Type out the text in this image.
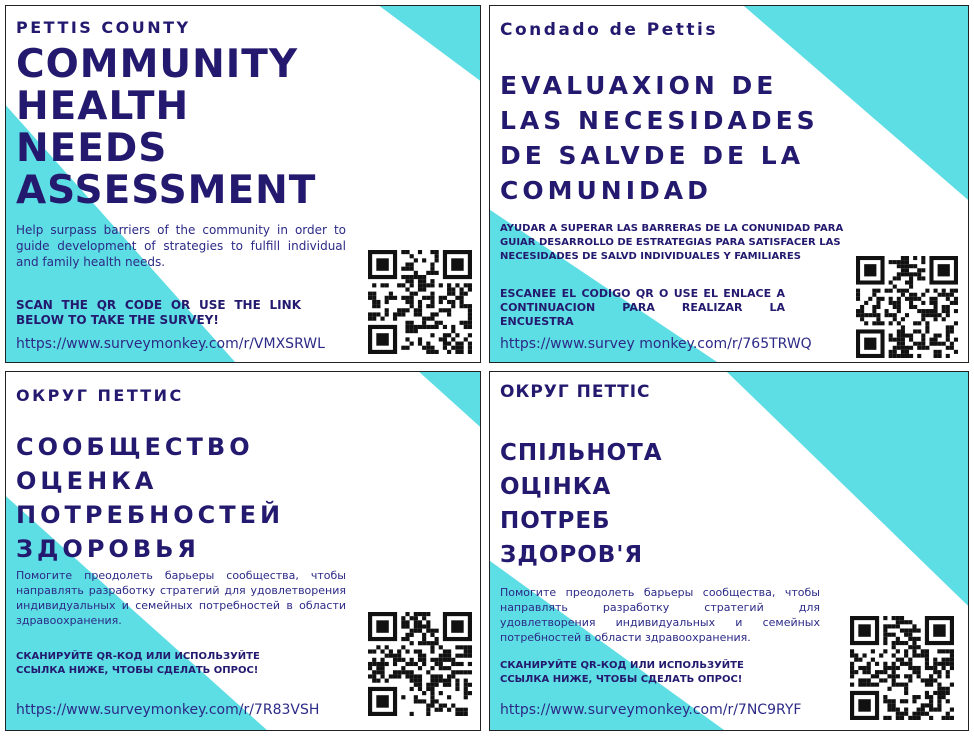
PETTIS COUNTY

COMMUNITY
HEALTH
NEEDS
ASSESSMENT

Help surpass barriers of the community in order to guide development of strategies to fulfill individual and family health needs.

SCAN THE QR CODE OR USE THE LINK BELOW TO TAKE THE SURVEY!

https://www.surveymonkey.com/r/VMXSRWL

Condado de Pettis

EVALUAXION DE
LAS NECESIDADES
DE SALVDE DE LA
COMUNIDAD

AYUDAR A SUPERAR LAS BARRERAS DE LA CONUNIDAD PARA GUIAR DESARROLLO DE ESTRATEGIAS PARA SATISFACER LAS NECESIDADES DE SALVD INDIVIDUALES Y FAMILIARES

ESCANEE EL CODIGO QR O USE EL ENLACE A CONTINUACION PARA REALIZAR LA ENCUESTRA

https://www.survey monkey.com/r/765TRWQ

ОКРУГ ПЕТТИС

СООБЩЕСТВО
ОЦЕНКА
ПОТРЕБНОСТЕЙ
ЗДОРОВЬЯ

Помогите преодолеть барьеры сообщества, чтобы направлять разработку стратегий для удовлетворения индивидуальных и семейных потребностей в области здравоохранения.

СКАНИРУЙТЕ QR-КОД ИЛИ ИСПОЛЬЗУЙТЕ ССЫЛКА НИЖЕ, ЧТОБЫ СДЕЛАТЬ ОПРОС!

https://www.surveymonkey.com/r/7R83VSH

ОКРУГ ПЕТТІС

СПІЛЬНОТА
ОЦІНКА
ПОТРЕБ
ЗДОРОВ'Я

Помогите преодолеть барьеры сообщества, чтобы направлять разработку стратегий для удовлетворения индивидуальных и семейных потребностей в области здравоохранения.

СКАНИРУЙТЕ QR-КОД ИЛИ ИСПОЛЬЗУЙТЕ ССЫЛКА НИЖЕ, ЧТОБЫ СДЕЛАТЬ ОПРОС!

https://www.surveymonkey.com/r/7NC9RYF
